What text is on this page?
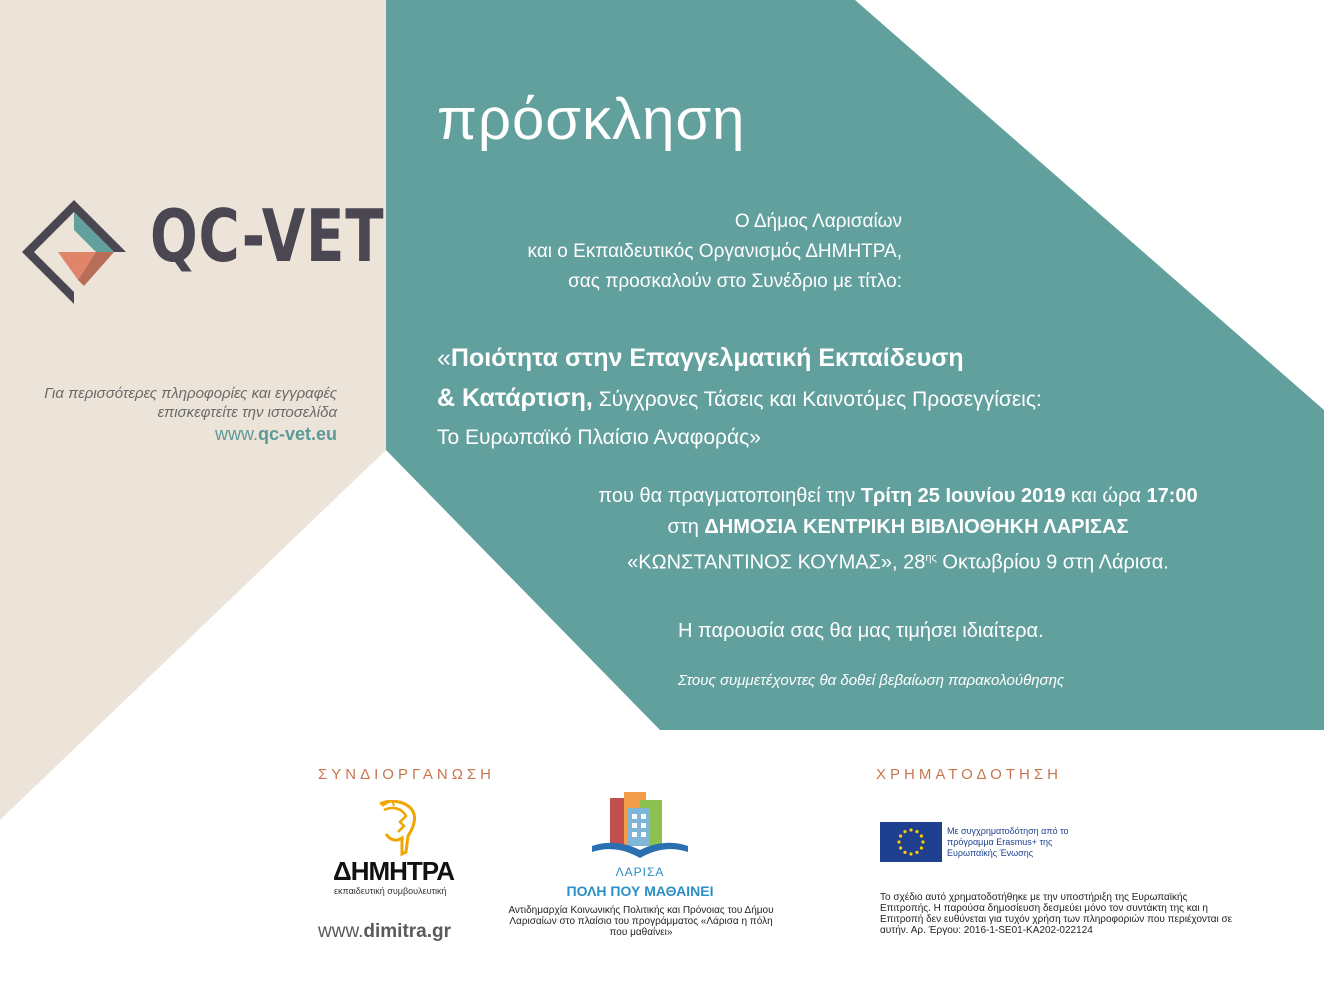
QC-VET
Για περισσότερες πληροφορίες και εγγραφές επισκεφτείτε την ιστοσελίδα
www.qc-vet.eu
πρόσκληση
Ο Δήμος Λαρισαίων
και ο Εκπαιδευτικός Οργανισμός ΔΗΜΗΤΡΑ,
σας προσκαλούν στο Συνέδριο με τίτλο:
«Ποιότητα στην Επαγγελματική Εκπαίδευση
& Κατάρτιση, Σύγχρονες Τάσεις και Καινοτόμες Προσεγγίσεις:
Το Ευρωπαϊκό Πλαίσιο Αναφοράς»
που θα πραγματοποιηθεί την Τρίτη 25 Ιουνίου 2019 και ώρα 17:00
στη ΔΗΜΟΣΙΑ ΚΕΝΤΡΙΚΗ ΒΙΒΛΙΟΘΗΚΗ ΛΑΡΙΣΑΣ
«ΚΩΝΣΤΑΝΤΙΝΟΣ ΚΟΥΜΑΣ», $28^{\eta\varsigma}$ Οκτωβρίου 9 στη Λάρισα.
Η παρουσία σας θα μας τιμήσει ιδιαίτερα.
Στους συμμετέχοντες θα δοθεί βεβαίωση παρακολούθησης
ΣΥΝΔΙΟΡΓΑΝΩΣΗ	ΧΡΗΜΑΤΟΔΟΤΗΣΗ
ΔΗΜΗΤΡΑ
εκπαιδευτική συμβουλευτική
www.dimitra.gr
ΛΑΡΙΣΑ
ΠΟΛΗ ΠΟΥ ΜΑΘΑΙΝΕΙ
Αντιδημαρχία Κοινωνικής Πολιτικής και Πρόνοιας του Δήμου Λαρισαίων στο πλαίσιο του προγράμματος «Λάρισα η πόλη που μαθαίνει»
Με συγχρηματοδότηση από το πρόγραμμα Erasmus+ της Ευρωπαϊκής Ένωσης
Το σχέδιο αυτό χρηματοδοτήθηκε με την υποστήριξη της Ευρωπαϊκής Επιτροπής. Η παρούσα δημοσίευση δεσμεύει μόνο τον συντάκτη της και η Επιτροπή δεν ευθύνεται για τυχόν χρήση των πληροφοριών που περιέχονται σε αυτήν. Αρ. Έργου: 2016-1-SE01-KA202-022124
